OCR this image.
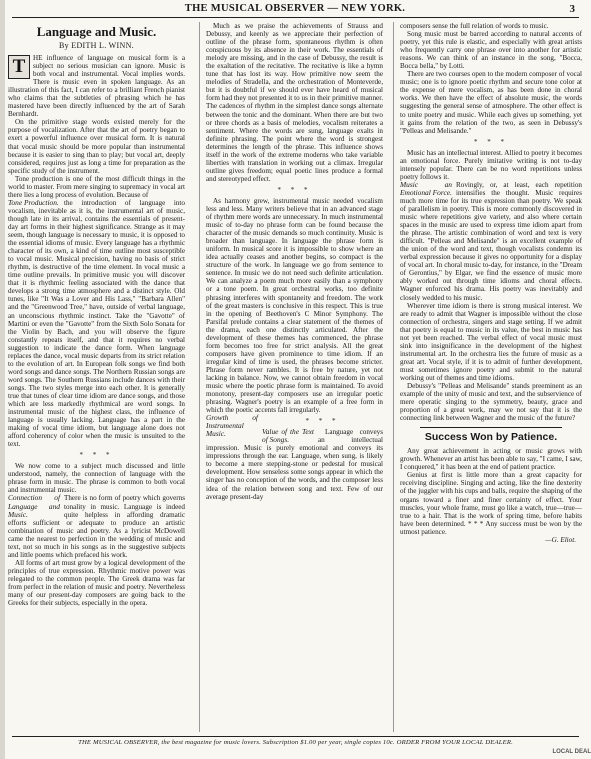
THE MUSICAL OBSERVER — NEW YORK.	3
Language and Music.
By EDITH L. WINN.
T	HE influence of language on musical form is a subject no serious musician can ignore. Music is both vocal and instrumental. Vocal implies words. There is music even in spoken language. As an illustration of this fact, I can refer to a brilliant French pianist who claims that the subtleties of phrasing which he has mastered have been directly influenced by the art of Sarah Bernhardt.

On the primitive stage words existed merely for the purpose of vocalization. After that the art of poetry began to exert a powerful influence over musical form. It is natural that vocal music should be more popular than instrumental because it is easier to sing than to play; but vocal art, deeply considered, requires just as long a time for preparation as the specific study of the instrument.

Tone production is one of the most difficult things in the world to master. From mere singing to supremacy in vocal art there lies a long process of evolution. Because of

Tone Production. the introduction of language into vocalism, inevitable as it is, the instrumental art of music, though late in its arrival, contains the essentials of present-day art forms in their highest significance. Strange as it may seem, though language is necessary to music, it is opposed to the essential idioms of music. Every language has a rhythmic character of its own, a kind of time outline most susceptible to vocal music. Musical precision, having no basis of strict rhythm, is destructive of the time element. In vocal music a time outline prevails. In primitive music you will discover that it is rhythmic feeling associated with the dance that develops a strong time atmosphere and a distinct style. Old tunes, like "It Was a Lover and His Lass," "Barbara Allen" and the "Greenwood Tree," have, outside of verbal language, an unconscious rhythmic instinct. Take the "Gavotte" of Martini or even the "Gavotte" from the Sixth Solo Sonata for the Violin by Bach, and you will observe the figure constantly repeats itself, and that it requires no verbal suggestion to indicate the dance form. When language replaces the dance, vocal music departs from its strict relation to the evolution of art. In European folk songs we find both word songs and dance songs. The Northern Russian songs are word songs. The Southern Russians include dances with their songs. The two styles merge into each other. It is generally true that tunes of clear time idiom are dance songs, and those which are less markedly rhythmical are word songs. In instrumental music of the highest class, the influence of language is usually lacking. Language has a part in the making of vocal time idiom, but language alone does not afford coherency of color when the music is unsuited to the text.

* * *

We now come to a subject much discussed and little understood, namely, the connection of language with the phrase form in music. The phrase is common to both vocal and instrumental music.

Connection of Language and Music.

There is no form of poetry which governs tonality in music. Language is indeed quite helpless in affording dramatic efforts sufficient or adequate to produce an artistic combination of music and poetry. As a lyricist McDowell came the nearest to perfection in the wedding of music and text, not so much in his songs as in the suggestive subjects and little poems which prefaced his work.

All forms of art must grow by a logical development of the principles of true expression. Rhythmic motive power was relegated to the common people. The Greek drama was far from perfect in the relation of music and poetry. Nevertheless many of our present-day composers are going back to the Greeks for their subjects, especially in the opera.

Much as we praise the achievements of Strauss and Debussy, and keenly as we appreciate their perfection of outline of the phrase form, spontaneous rhythm is often conspicuous by its absence in their work. The essentials of melody are missing, and in the case of Debussy, the result is the exaltation of the recitative. The recitative is like a hymn tune that has lost its way. How primitive now seem the melodies of Stradella, and the orchestration of Monteverde, but it is doubtful if we should ever have heard of musical form had they not presented it to us in their primitive manner. The cadences of rhythm in the simplest dance songs alternate between the tonic and the dominant. When there are but two or three chords as a basis of melodies, vocalism reiterates a sentiment. Where the words are sung, language exalts in definite phrasing. The point where the word is strongest determines the length of the phrase. This influence shows itself in the work of the extreme moderns who take variable liberties with translation in working out a climax. Irregular outline gives freedom; equal poetic lines produce a formal and stereotyped effect.

* * *

As harmony grew, instrumental music needed vocalism less and less. Many writers believe that in an advanced stage of rhythm mere words are unnecessary. In much instrumental music of to-day no phrase form can be found because the character of the music demands so much continuity. Music is broader than language. In language the phrase form is uniform. In musical score it is impossible to show where an idea actually ceases and another begins, so compact is the structure of the work. In language we go from sentence to sentence. In music we do not need such definite articulation. We can analyze a poem much more easily than a symphony or a tone poem. In great orchestral works, too definite phrasing interferes with spontaneity and freedom. The work of the great masters is conclusive in this respect. This is true in the opening of Beethoven's C Minor Symphony. The Parsifal prelude contains a clear statement of the themes of the drama, each one distinctly articulated. After the development of these themes has commenced, the phrase form becomes too free for strict analysis. All the great composers have given prominence to time idiom. If an irregular kind of time is used, the phrases become stricter. Phrase form never rambles. It is free by nature, yet not lacking in balance. Now, we cannot obtain freedom in vocal music where the poetic phrase form is maintained. To avoid monotony, present-day composers use an irregular poetic phrasing. Wagner's poetry is an example of a free form in which the poetic accents fall irregularly.

Growth of Instrumental Music.
* * *
Value of the Text of Songs.

Language conveys an intellectual impression. Music is purely emotional and conveys its impressions through the ear. Language, when sung, is likely to become a mere stepping-stone or pedestal for musical development. How senseless some songs appear in which the singer has no conception of the words, and the composer less idea of the relation between song and text. Few of our average present-day

composers sense the full relation of words to music.

Song music must be barred according to natural accents of poetry, yet this rule is elastic, and especially with great artists who frequently carry one phrase over into another for artistic reasons. We can think of an instance in the song, "Bocca, Bocca bella," by Lotti.

There are two courses open to the modern composer of vocal music; one is to ignore poetic rhythm and secure tone color at the expense of mere vocalism, as has been done in choral works. We then have the effect of absolute music, the words suggesting the general sense of atmosphere. The other effect is to unite poetry and music. While each gives up something, yet it gains from the relation of the two, as seen in Debussy's "Pelleas and Melisande."

* * *

Music has an intellectual interest. Allied to poetry it becomes an emotional force. Purely imitative writing is not to-day intensely popular. There can be no word repetitions unless poetry follows it.

Music an Emotional Force.

Rovingly, or, at least, each repetition intensifies the thought. Music requires much more time for its true expression than poetry. We speak of parallelism in poetry. This is more commonly discovered in music where repetitions give variety, and also where certain spaces in the music are used to express time idiom apart from the phrase. The artistic combination of word and text is very difficult. "Pelleas and Melisande" is an excellent example of the union of the word and text, though vocalists condemn its verbal expression because it gives no opportunity for a display of vocal art. In choral music to-day, for instance, in the "Dream of Gerontius," by Elgar, we find the essence of music more ably worked out through time idioms and choral effects. Wagner enforced his drama. His poetry was inevitably and closely wedded to his music.

Wherever time idiom is there is strong musical interest. We are ready to admit that Wagner is impossible without the close connection of orchestra, singers and stage setting. If we admit that poetry is equal to music in its value, the best in music has not yet been reached. The verbal effect of vocal music must sink into insignificance in the development of the highest instrumental art. In the orchestra lies the future of music as a great art. Vocal style, if it is to admit of further development, must sometimes ignore poetry and submit to the natural working out of themes and time idioms.

Debussy's "Pelleas and Melisande" stands preeminent as an example of the unity of music and text, and the subservience of mere operatic singing to the symmetry, beauty, grace and proportion of a great work, may we not say that it is the connecting link between Wagner and the music of the future?

Success Won by Patience.

Any great achievement in acting or music grows with growth. Whenever an artist has been able to say, "I came, I saw, I conquered," it has been at the end of patient practice.

Genius at first is little more than a great capacity for receiving discipline. Singing and acting, like the fine dexterity of the juggler with his cups and balls, require the shaping of the organs toward a finer and finer certainty of effect. Your muscles, your whole frame, must go like a watch, true—true—true to a hair. That is the work of spring time, before habits have been determined. * * * Any success must be won by the utmost patience.

—G. Eliot.
THE MUSICAL OBSERVER, the best magazine for music lovers. Subscription $1.00 per year, single copies 10c. ORDER FROM YOUR LOCAL DEALER.
LOCAL DEAL
